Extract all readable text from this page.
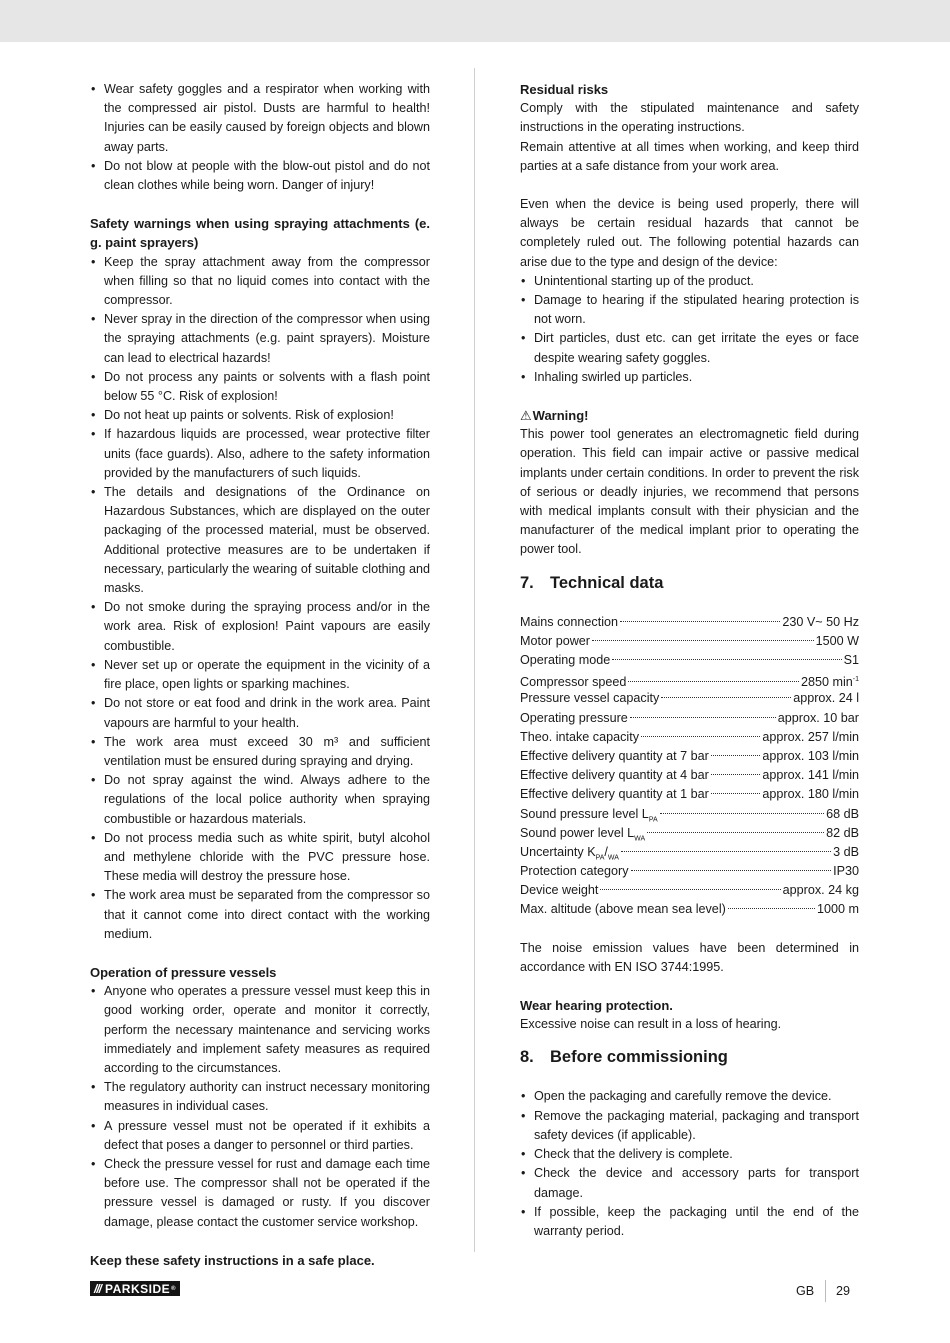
• Wear safety goggles and a respirator when working with the compressed air pistol. Dusts are harmful to health! Injuries can be easily caused by foreign objects and blown away parts.
• Do not blow at people with the blow-out pistol and do not clean clothes while being worn. Danger of injury!

Safety warnings when using spraying attachments (e. g. paint sprayers)

• Keep the spray attachment away from the compressor when filling so that no liquid comes into contact with the compressor.
• Never spray in the direction of the compressor when using the spraying attachments (e.g. paint sprayers). Moisture can lead to electrical hazards!
• Do not process any paints or solvents with a flash point below 55 °C. Risk of explosion!
• Do not heat up paints or solvents. Risk of explosion!
• If hazardous liquids are processed, wear protective filter units (face guards). Also, adhere to the safety information provided by the manufacturers of such liquids.
• The details and designations of the Ordinance on Hazardous Substances, which are displayed on the outer packaging of the processed material, must be observed. Additional protective measures are to be undertaken if necessary, particularly the wearing of suitable clothing and masks.
• Do not smoke during the spraying process and/or in the work area. Risk of explosion! Paint vapours are easily combustible.
• Never set up or operate the equipment in the vicinity of a fire place, open lights or sparking machines.
• Do not store or eat food and drink in the work area. Paint vapours are harmful to your health.
• The work area must exceed 30 m³ and sufficient ventilation must be ensured during spraying and drying.
• Do not spray against the wind. Always adhere to the regulations of the local police authority when spraying combustible or hazardous materials.
• Do not process media such as white spirit, butyl alcohol and methylene chloride with the PVC pressure hose. These media will destroy the pressure hose.
• The work area must be separated from the compressor so that it cannot come into direct contact with the working medium.

Operation of pressure vessels

• Anyone who operates a pressure vessel must keep this in good working order, operate and monitor it correctly, perform the necessary maintenance and servicing works immediately and implement safety measures as required according to the circumstances.
• The regulatory authority can instruct necessary monitoring measures in individual cases.
• A pressure vessel must not be operated if it exhibits a defect that poses a danger to personnel or third parties.
• Check the pressure vessel for rust and damage each time before use. The compressor shall not be operated if the pressure vessel is damaged or rusty. If you discover damage, please contact the customer service workshop.

Keep these safety instructions in a safe place.

Residual risks

Comply with the stipulated maintenance and safety instructions in the operating instructions.

Remain attentive at all times when working, and keep third parties at a safe distance from your work area.

Even when the device is being used properly, there will always be certain residual hazards that cannot be completely ruled out. The following potential hazards can arise due to the type and design of the device:

• Unintentional starting up of the product.
• Damage to hearing if the stipulated hearing protection is not worn.
• Dirt particles, dust etc. can get irritate the eyes or face despite wearing safety goggles.
• Inhaling swirled up particles.

⚠Warning!

This power tool generates an electromagnetic field during operation. This field can impair active or passive medical implants under certain conditions. In order to prevent the risk of serious or deadly injuries, we recommend that persons with medical implants consult with their physician and the manufacturer of the medical implant prior to operating the power tool.

7. Technical data

Mains connection	230 V~ 50 Hz
Motor power	1500 W
Operating mode	S1
Compressor speed	2850 $\min^{-1}$
Pressure vessel capacity	approx. 24 l
Operating pressure	approx. 10 bar
Theo. intake capacity	approx. 257 l/min
Effective delivery quantity at 7 bar	approx. 103 l/min
Effective delivery quantity at 4 bar	approx. 141 l/min
Effective delivery quantity at 1 bar	approx. 180 l/min
Sound pressure level $L_{PA}$	68 dB
Sound power level $L_{WA}$	82 dB
Uncertainty $K_{PA}/_{WA}$	3 dB
Protection category	IP30
Device weight	approx. 24 kg
Max. altitude (above mean sea level)	1000 m

The noise emission values have been determined in accordance with EN ISO 3744:1995.

Wear hearing protection.

Excessive noise can result in a loss of hearing.

8. Before commissioning

• Open the packaging and carefully remove the device.
• Remove the packaging material, packaging and transport safety devices (if applicable).
• Check that the delivery is complete.
• Check the device and accessory parts for transport damage.
• If possible, keep the packaging until the end of the warranty period.
/// PARKSIDE ®	GB 29
